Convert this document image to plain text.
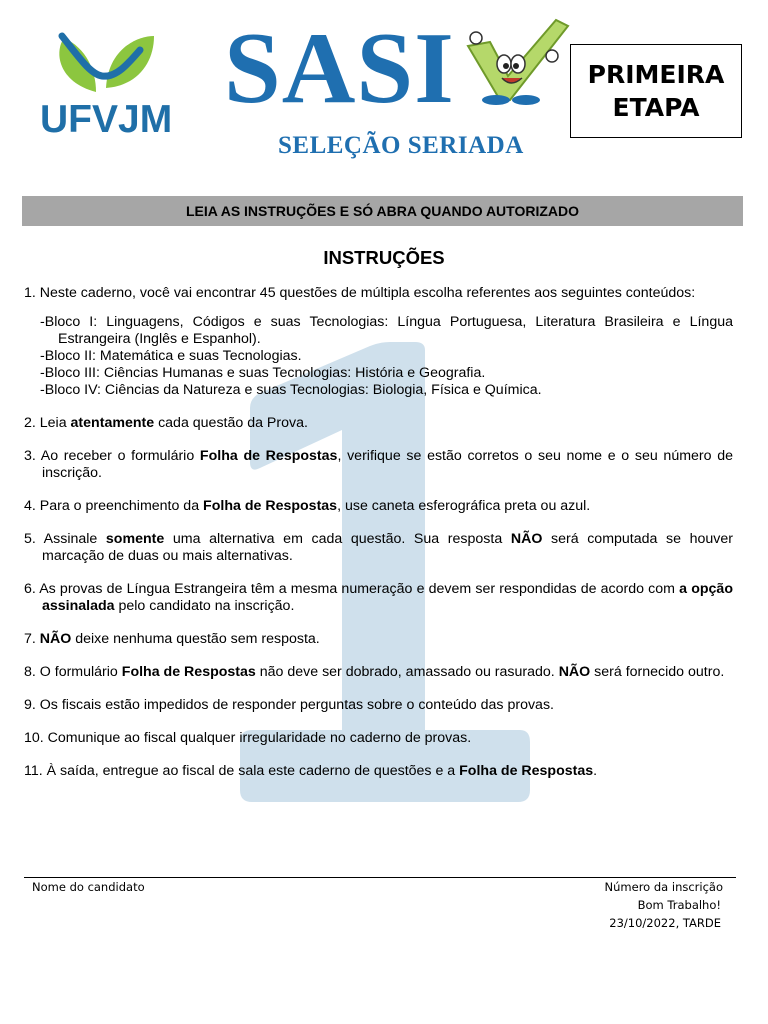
UFVJM SASI
SELEÇÃO SERIADA
PRIMEIRA
ETAPA
LEIA AS INSTRUÇÕES E SÓ ABRA QUANDO AUTORIZADO
INSTRUÇÕES

1. Neste caderno, você vai encontrar 45 questões de múltipla escolha referentes aos seguintes conteúdos:

-Bloco I: Linguagens, Códigos e suas Tecnologias: Língua Portuguesa, Literatura Brasileira e Língua Estrangeira (Inglês e Espanhol).

-Bloco II: Matemática e suas Tecnologias.

-Bloco III: Ciências Humanas e suas Tecnologias: História e Geografia.

-Bloco IV: Ciências da Natureza e suas Tecnologias: Biologia, Física e Química.

2. Leia atentamente cada questão da Prova.

3. Ao receber o formulário Folha de Respostas, verifique se estão corretos o seu nome e o seu número de inscrição.

4. Para o preenchimento da Folha de Respostas, use caneta esferográfica preta ou azul.

5. Assinale somente uma alternativa em cada questão. Sua resposta NÃO será computada se houver marcação de duas ou mais alternativas.

6. As provas de Língua Estrangeira têm a mesma numeração e devem ser respondidas de acordo com a opção assinalada pelo candidato na inscrição.

7. NÃO deixe nenhuma questão sem resposta.

8. O formulário Folha de Respostas não deve ser dobrado, amassado ou rasurado. NÃO será fornecido outro.

9. Os fiscais estão impedidos de responder perguntas sobre o conteúdo das provas.

10. Comunique ao fiscal qualquer irregularidade no caderno de provas.

11. À saída, entregue ao fiscal de sala este caderno de questões e a Folha de Respostas.

Nome do candidato	Número da inscrição
Bom Trabalho!
23/10/2022, TARDE
